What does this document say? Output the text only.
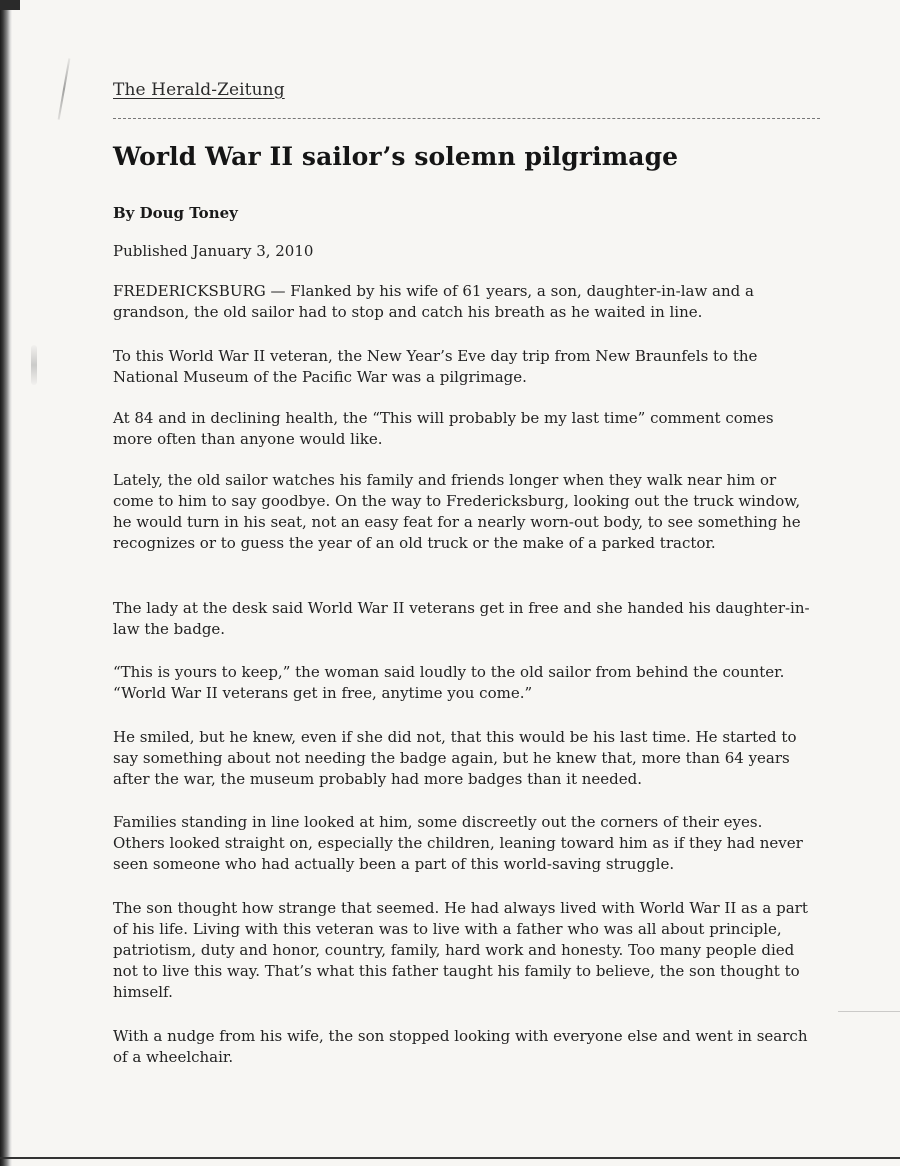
The Herald-Zeitung
World War II sailor’s solemn pilgrimage
By Doug Toney
Published January 3, 2010

FREDERICKSBURG — Flanked by his wife of 61 years, a son, daughter-in-law and a grandson, the old sailor had to stop and catch his breath as he waited in line.

To this World War II veteran, the New Year’s Eve day trip from New Braunfels to the National Museum of the Pacific War was a pilgrimage.

At 84 and in declining health, the “This will probably be my last time” comment comes more often than anyone would like.

Lately, the old sailor watches his family and friends longer when they walk near him or come to him to say goodbye. On the way to Fredericksburg, looking out the truck window, he would turn in his seat, not an easy feat for a nearly worn-out body, to see something he recognizes or to guess the year of an old truck or the make of a parked tractor.

The lady at the desk said World War II veterans get in free and she handed his daughter-in-law the badge.

“This is yours to keep,” the woman said loudly to the old sailor from behind the counter. “World War II veterans get in free, anytime you come.”

He smiled, but he knew, even if she did not, that this would be his last time. He started to say something about not needing the badge again, but he knew that, more than 64 years after the war, the museum probably had more badges than it needed.

Families standing in line looked at him, some discreetly out the corners of their eyes. Others looked straight on, especially the children, leaning toward him as if they had never seen someone who had actually been a part of this world-saving struggle.

The son thought how strange that seemed. He had always lived with World War II as a part of his life. Living with this veteran was to live with a father who was all about principle, patriotism, duty and honor, country, family, hard work and honesty. Too many people died not to live this way. That’s what this father taught his family to believe, the son thought to himself.

With a nudge from his wife, the son stopped looking with everyone else and went in search of a wheelchair.
